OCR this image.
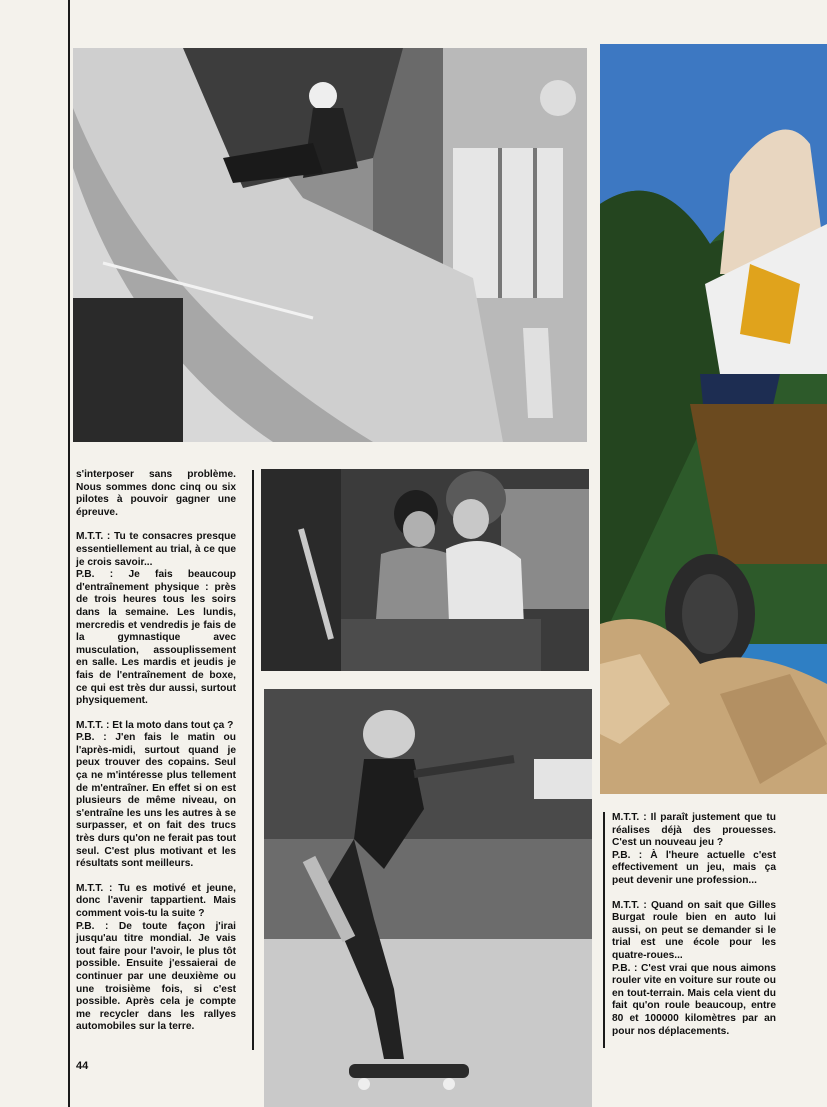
s'interposer sans problème. Nous sommes donc cinq ou six pilotes à pouvoir gagner une épreuve.

M.T.T. : Tu te consacres presque essentiellement au trial, à ce que je crois savoir...
P.B. : Je fais beaucoup d'entraînement physique : près de trois heures tous les soirs dans la semaine. Les lundis, mercredis et vendredis je fais de la gymnastique avec musculation, assouplissement en salle. Les mardis et jeudis je fais de l'entraînement de boxe, ce qui est très dur aussi, surtout physiquement.

M.T.T. : Et la moto dans tout ça ?
P.B. : J'en fais le matin ou l'après-midi, surtout quand je peux trouver des copains. Seul ça ne m'intéresse plus tellement de m'entraîner. En effet si on est plusieurs de même niveau, on s'entraîne les uns les autres à se surpasser, et on fait des trucs très durs qu'on ne ferait pas tout seul. C'est plus motivant et les résultats sont meilleurs.

M.T.T. : Tu es motivé et jeune, donc l'avenir tappartient. Mais comment vois-tu la suite ?
P.B. : De toute façon j'irai jusqu'au titre mondial. Je vais tout faire pour l'avoir, le plus tôt possible. Ensuite j'essaierai de continuer par une deuxième ou une troisième fois, si c'est possible. Après cela je compte me recycler dans les rallyes automobiles sur la terre.

M.T.T. : Il paraît justement que tu réalises déjà des prouesses. C'est un nouveau jeu ?
P.B. : À l'heure actuelle c'est effectivement un jeu, mais ça peut devenir une profession...

M.T.T. : Quand on sait que Gilles Burgat roule bien en auto lui aussi, on peut se demander si le trial est une école pour les quatre-roues...
P.B. : C'est vrai que nous aimons rouler vite en voiture sur route ou en tout-terrain. Mais cela vient du fait qu'on roule beaucoup, entre 80 et 100000 kilomètres par an pour nos déplacements.

44
